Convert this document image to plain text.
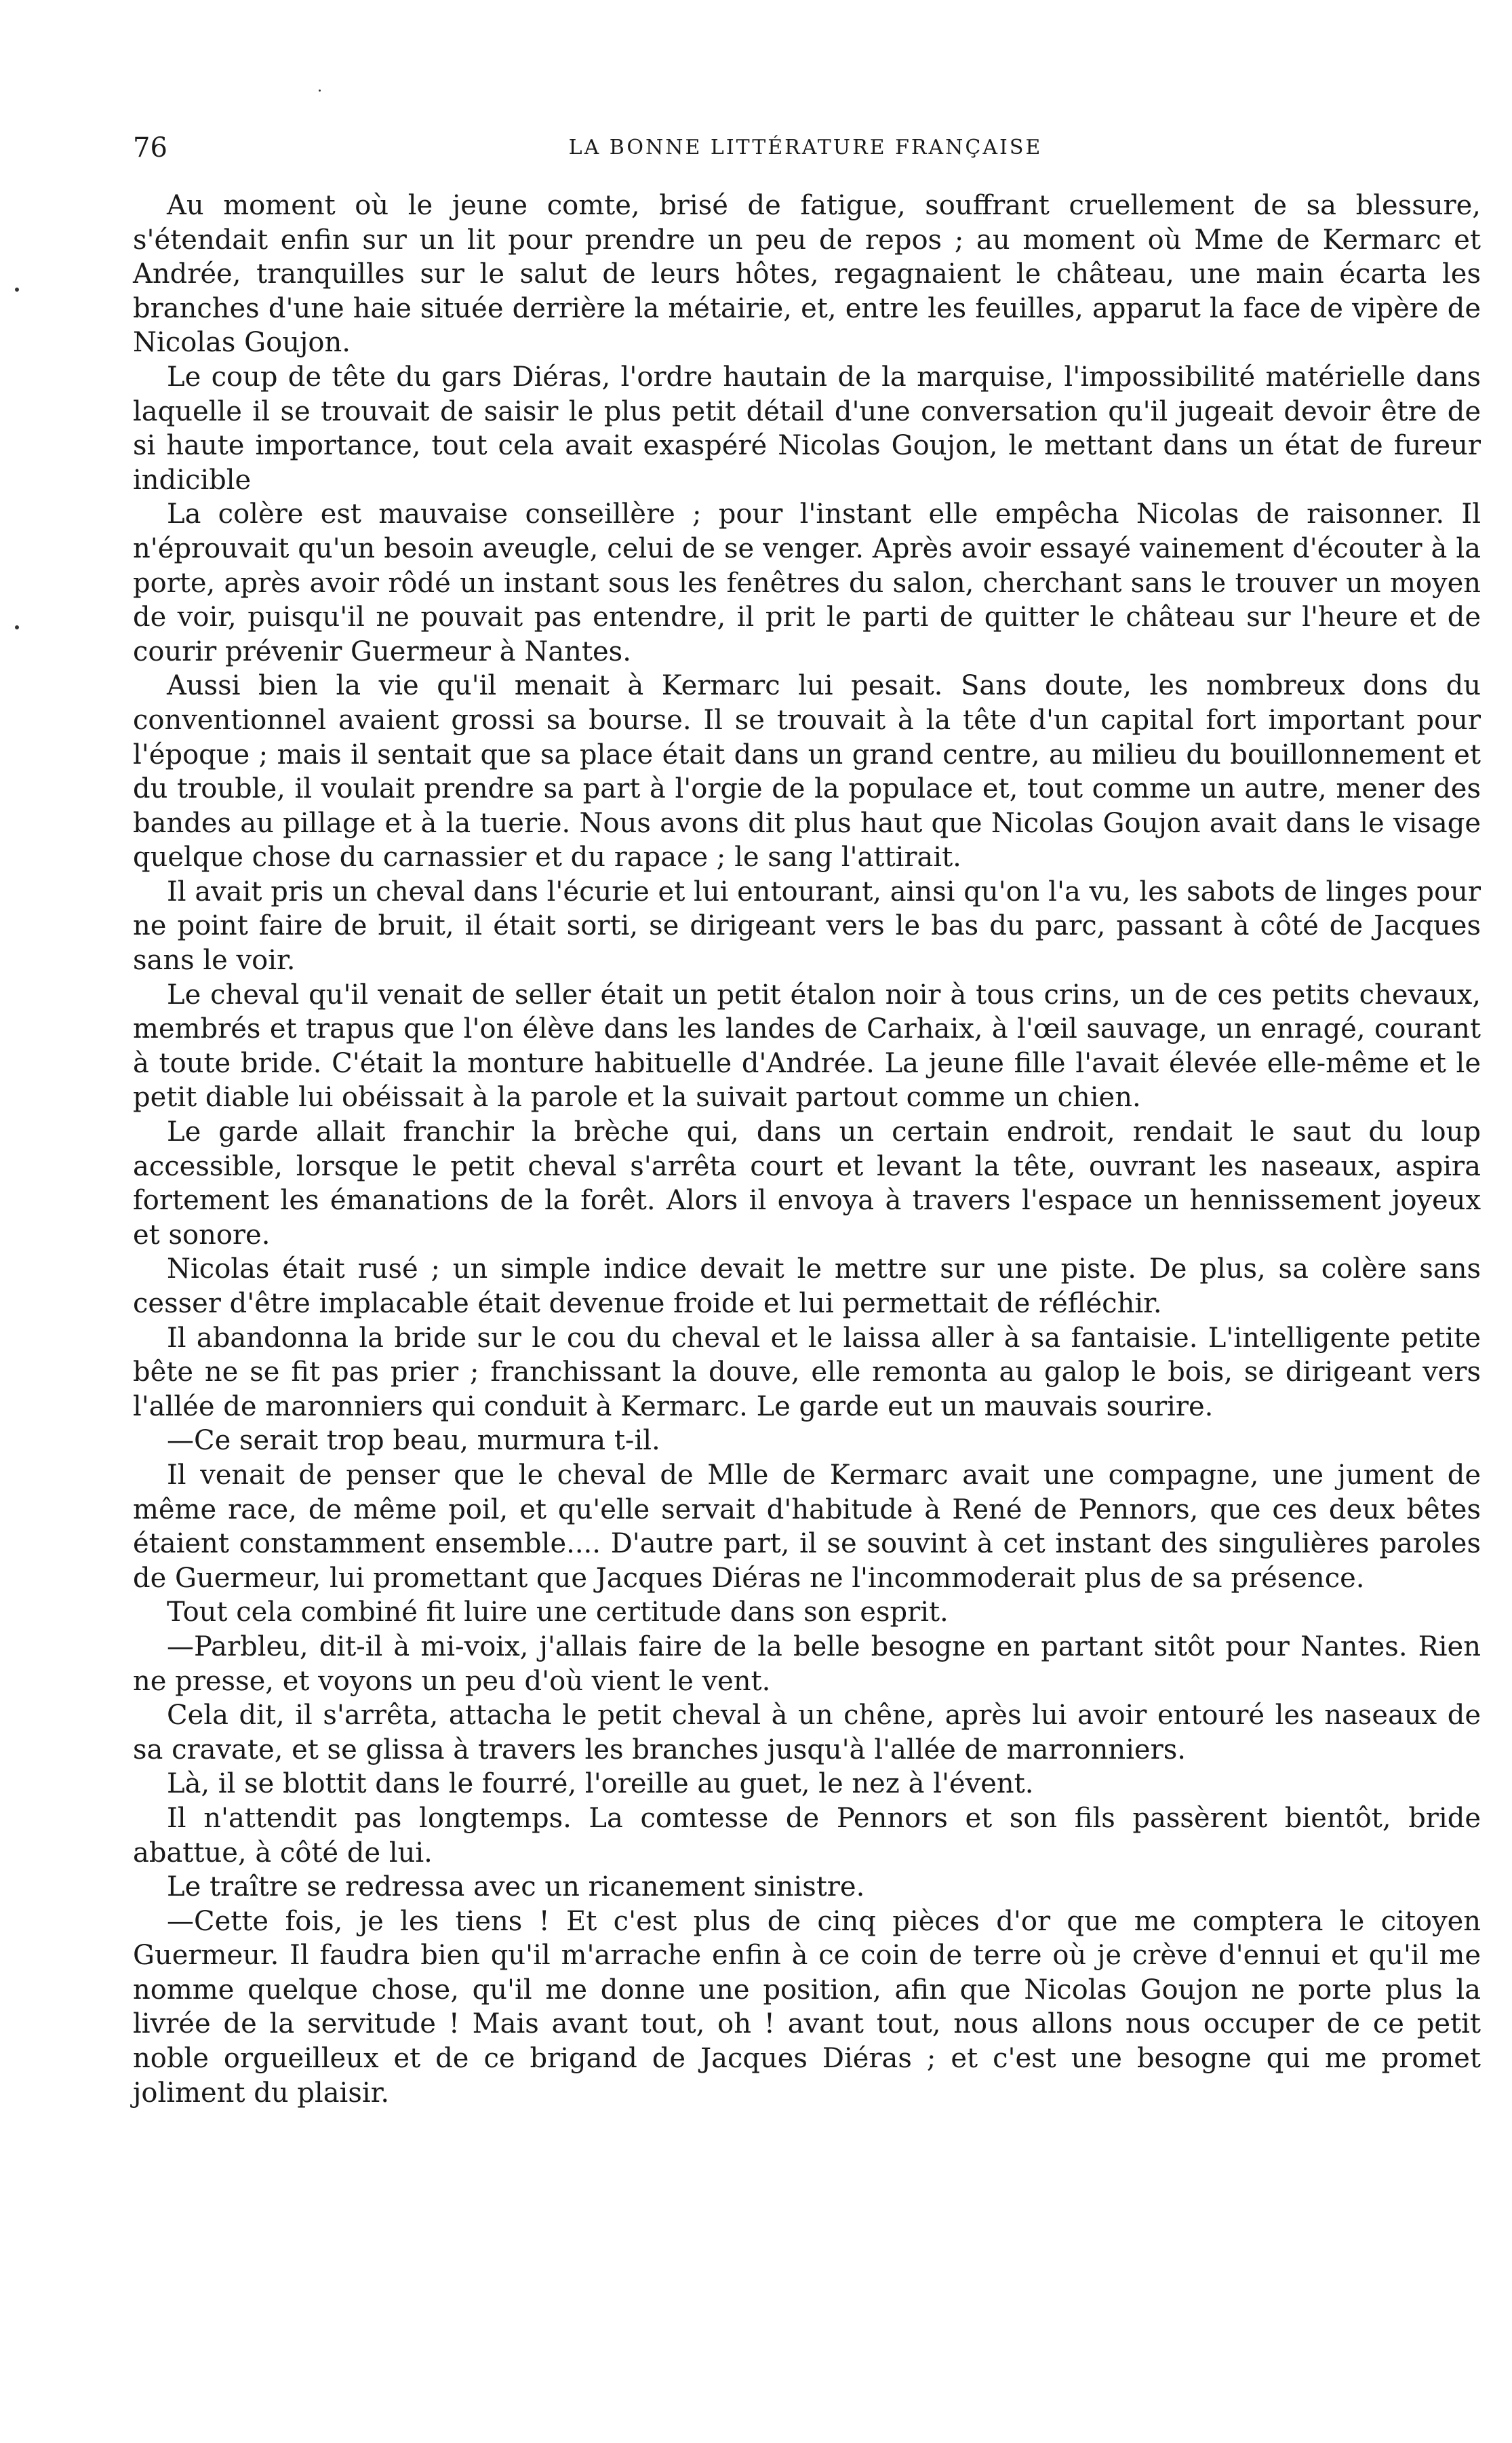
76	LA BONNE LITTÉRATURE FRANÇAISE

Au moment où le jeune comte, brisé de fatigue, souffrant cruellement de sa blessure, s'étendait enfin sur un lit pour prendre un peu de repos ; au moment où Mme de Kermarc et Andrée, tranquilles sur le salut de leurs hôtes, regagnaient le château, une main écarta les branches d'une haie située derrière la métairie, et, entre les feuilles, apparut la face de vipère de Nicolas Goujon.

Le coup de tête du gars Diéras, l'ordre hautain de la marquise, l'impossibilité matérielle dans laquelle il se trouvait de saisir le plus petit détail d'une conversation qu'il jugeait devoir être de si haute importance, tout cela avait exaspéré Nicolas Goujon, le mettant dans un état de fureur indicible

La colère est mauvaise conseillère ; pour l'instant elle empêcha Nicolas de raisonner. Il n'éprouvait qu'un besoin aveugle, celui de se venger. Après avoir essayé vainement d'écouter à la porte, après avoir rôdé un instant sous les fenêtres du salon, cherchant sans le trouver un moyen de voir, puisqu'il ne pouvait pas entendre, il prit le parti de quitter le château sur l'heure et de courir prévenir Guermeur à Nantes.

Aussi bien la vie qu'il menait à Kermarc lui pesait. Sans doute, les nombreux dons du conventionnel avaient grossi sa bourse. Il se trouvait à la tête d'un capital fort important pour l'époque ; mais il sentait que sa place était dans un grand centre, au milieu du bouillonnement et du trouble, il voulait prendre sa part à l'orgie de la populace et, tout comme un autre, mener des bandes au pillage et à la tuerie. Nous avons dit plus haut que Nicolas Goujon avait dans le visage quelque chose du carnassier et du rapace ; le sang l'attirait.

Il avait pris un cheval dans l'écurie et lui entourant, ainsi qu'on l'a vu, les sabots de linges pour ne point faire de bruit, il était sorti, se dirigeant vers le bas du parc, passant à côté de Jacques sans le voir.

Le cheval qu'il venait de seller était un petit étalon noir à tous crins, un de ces petits chevaux, membrés et trapus que l'on élève dans les landes de Carhaix, à l'œil sauvage, un enragé, courant à toute bride. C'était la monture habituelle d'Andrée. La jeune fille l'avait élevée elle-même et le petit diable lui obéissait à la parole et la suivait partout comme un chien.

Le garde allait franchir la brèche qui, dans un certain endroit, rendait le saut du loup accessible, lorsque le petit cheval s'arrêta court et levant la tête, ouvrant les naseaux, aspira fortement les émanations de la forêt. Alors il envoya à travers l'espace un hennissement joyeux et sonore.

Nicolas était rusé ; un simple indice devait le mettre sur une piste. De plus, sa colère sans cesser d'être implacable était devenue froide et lui permettait de réfléchir.

Il abandonna la bride sur le cou du cheval et le laissa aller à sa fantaisie. L'intelligente petite bête ne se fit pas prier ; franchissant la douve, elle remonta au galop le bois, se dirigeant vers l'allée de maronniers qui conduit à Kermarc. Le garde eut un mauvais sourire.

—Ce serait trop beau, murmura t-il.

Il venait de penser que le cheval de Mlle de Kermarc avait une compagne, une jument de même race, de même poil, et qu'elle servait d'habitude à René de Pennors, que ces deux bêtes étaient constamment ensemble.... D'autre part, il se souvint à cet instant des singulières paroles de Guermeur, lui promettant que Jacques Diéras ne l'incommoderait plus de sa présence.

Tout cela combiné fit luire une certitude dans son esprit.

—Parbleu, dit-il à mi-voix, j'allais faire de la belle besogne en partant sitôt pour Nantes. Rien ne presse, et voyons un peu d'où vient le vent.

Cela dit, il s'arrêta, attacha le petit cheval à un chêne, après lui avoir entouré les naseaux de sa cravate, et se glissa à travers les branches jusqu'à l'allée de marronniers.

Là, il se blottit dans le fourré, l'oreille au guet, le nez à l'évent.

Il n'attendit pas longtemps. La comtesse de Pennors et son fils passèrent bientôt, bride abattue, à côté de lui.

Le traître se redressa avec un ricanement sinistre.

—Cette fois, je les tiens ! Et c'est plus de cinq pièces d'or que me comptera le citoyen Guermeur. Il faudra bien qu'il m'arrache enfin à ce coin de terre où je crève d'ennui et qu'il me nomme quelque chose, qu'il me donne une position, afin que Nicolas Goujon ne porte plus la livrée de la servitude ! Mais avant tout, oh ! avant tout, nous allons nous occuper de ce petit noble orgueilleux et de ce brigand de Jacques Diéras ; et c'est une besogne qui me promet joliment du plaisir.
